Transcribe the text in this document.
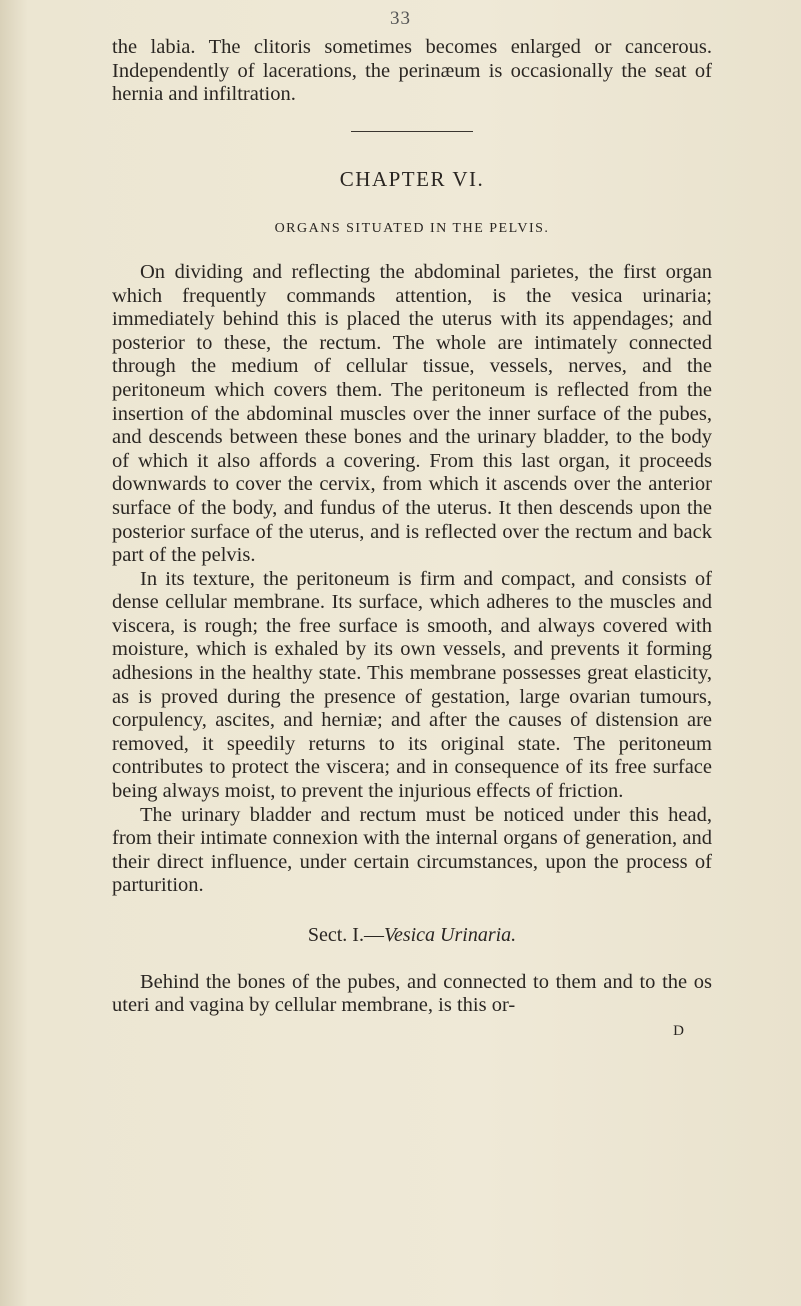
33

the labia. The clitoris sometimes becomes enlarged or cancerous. Independently of lacerations, the perinæum is occasionally the seat of hernia and infiltration.

CHAPTER VI.
ORGANS SITUATED IN THE PELVIS.

On dividing and reflecting the abdominal parietes, the first organ which frequently commands attention, is the vesica urinaria; immediately behind this is placed the uterus with its appendages; and posterior to these, the rectum. The whole are intimately connected through the medium of cellular tissue, vessels, nerves, and the peritoneum which covers them. The peritoneum is reflected from the insertion of the abdominal muscles over the inner surface of the pubes, and descends between these bones and the urinary bladder, to the body of which it also affords a covering. From this last organ, it proceeds downwards to cover the cervix, from which it ascends over the anterior surface of the body, and fundus of the uterus. It then descends upon the posterior surface of the uterus, and is reflected over the rectum and back part of the pelvis.

In its texture, the peritoneum is firm and compact, and consists of dense cellular membrane. Its surface, which adheres to the muscles and viscera, is rough; the free surface is smooth, and always covered with moisture, which is exhaled by its own vessels, and prevents it forming adhesions in the healthy state. This membrane possesses great elasticity, as is proved during the presence of gestation, large ovarian tumours, corpulency, ascites, and herniæ; and after the causes of distension are removed, it speedily returns to its original state. The peritoneum contributes to protect the viscera; and in consequence of its free surface being always moist, to prevent the injurious effects of friction.

The urinary bladder and rectum must be noticed under this head, from their intimate connexion with the internal organs of generation, and their direct influence, under certain circumstances, upon the process of parturition.

Sect. I.—Vesica Urinaria.

Behind the bones of the pubes, and connected to them and to the os uteri and vagina by cellular membrane, is this or-

D
